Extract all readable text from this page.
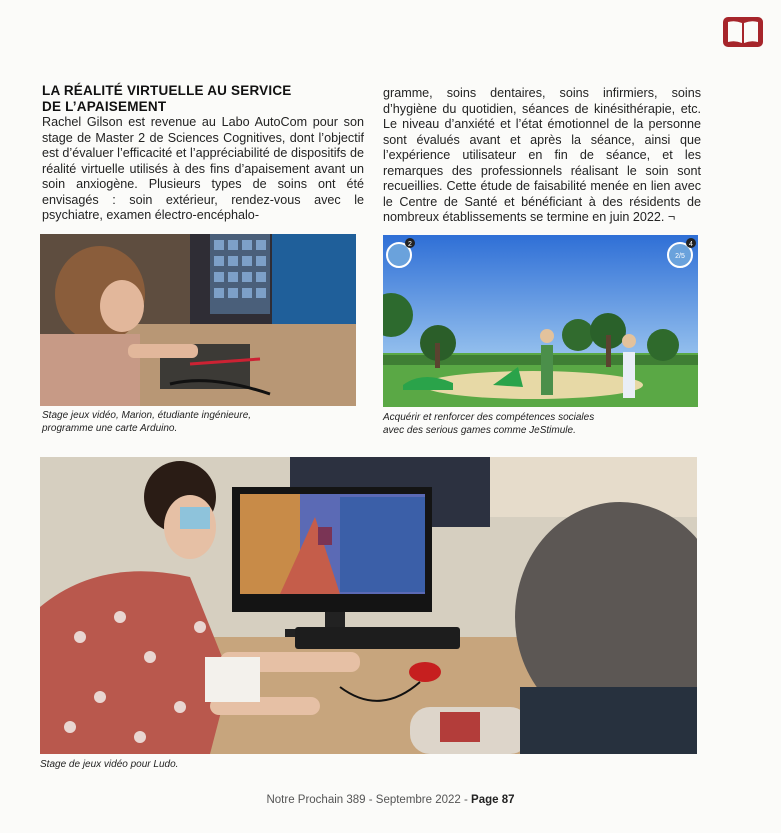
LA RÉALITÉ VIRTUELLE AU SERVICE
DE L’APAISEMENT

Rachel Gilson est revenue au Labo AutoCom pour son stage de Master 2 de Sciences Cognitives, dont l’objectif est d’évaluer l’efficacité et l’appréciabilité de dispositifs de réalité virtuelle utilisés à des fins d’apaisement avant un soin anxiogène. Plusieurs types de soins ont été envisagés : soin extérieur, rendez-vous avec le psychiatre, examen électro-encéphalo-

gramme, soins dentaires, soins infirmiers, soins d’hygiène du quotidien, séances de kinésithérapie, etc. Le niveau d’anxiété et l’état émotionnel de la personne sont évalués avant et après la séance, ainsi que l’expérience utilisateur en fin de séance, et les remarques des professionnels réalisant le soin sont recueillies. Cette étude de faisabilité menée en lien avec le Centre de Santé et bénéficiant à des résidents de nombreux établissements se termine en juin 2022. ¬

Stage jeux vidéo, Marion, étudiante ingénieure,
programme une carte Arduino.
2	4
2/5
Acquérir et renforcer des compétences sociales
avec des serious games comme JeStimule.
Stage de jeux vidéo pour Ludo.
Notre Prochain 389 - Septembre 2022 - Page 87
